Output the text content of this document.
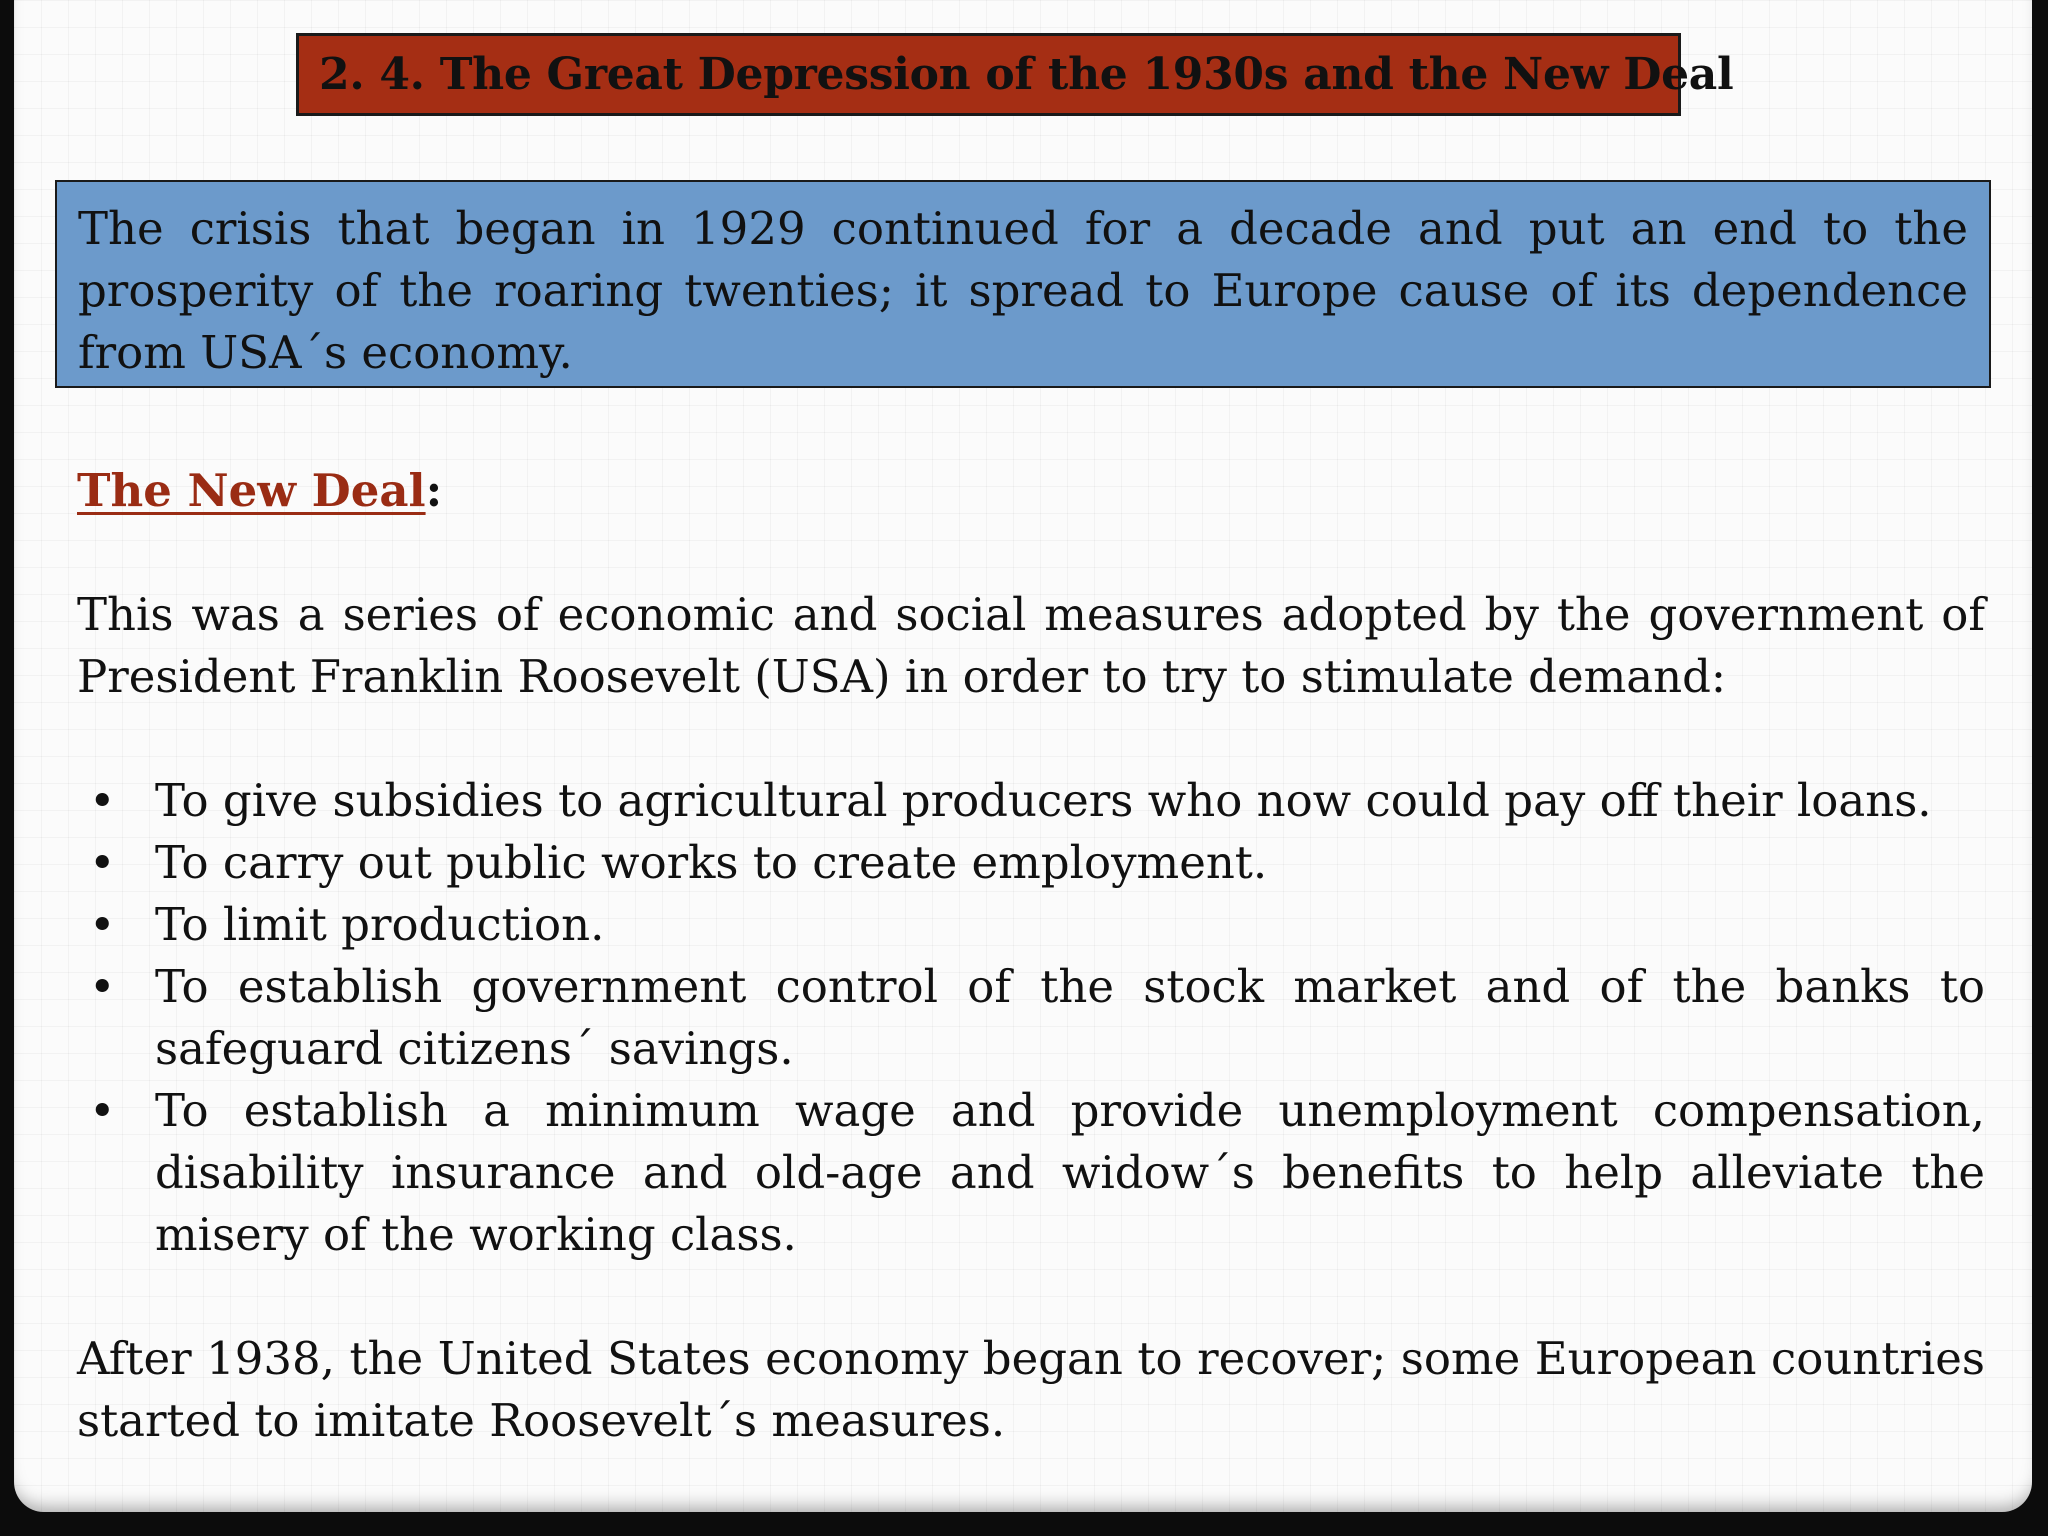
2. 4. The Great Depression of the 1930s and the New Deal
The crisis that began in 1929 continued for a decade and put an end to the prosperity of the roaring twenties; it spread to Europe cause of its dependence from USA´s economy.
The New Deal:

This was a series of economic and social measures adopted by the government of President Franklin Roosevelt (USA) in order to try to stimulate demand:

• To give subsidies to agricultural producers who now could pay off their loans.
• To carry out public works to create employment.
• To limit production.
• To establish government control of the stock market and of the banks to safeguard citizens´ savings.
• To establish a minimum wage and provide unemployment compensation, disability insurance and old-age and widow´s benefits to help alleviate the misery of the working class.

After 1938, the United States economy began to recover; some European countries started to imitate Roosevelt´s measures.
